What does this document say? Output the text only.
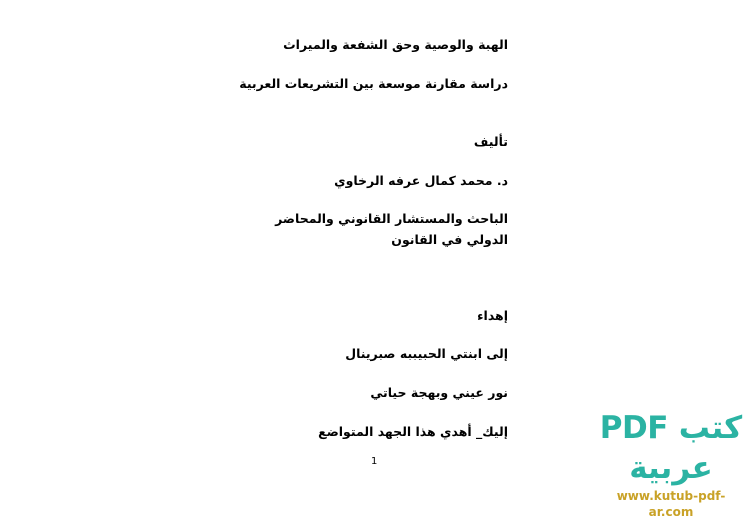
الهبة والوصية وحق الشفعة والميراث
دراسة مقارنة موسعة بين التشريعات العربية
تأليف
د. محمد كمال عرفه الرخاوي
الباحث والمستشار القانوني والمحاضر الدولي في القانون
إهداء
إلى ابنتي الحبيببه صبرينال
نور عيني وبهجة حياتي
إليك_ أهدي هذا الجهد المتواضع
1
كتب PDF عربية
www.kutub-pdf-ar.com
